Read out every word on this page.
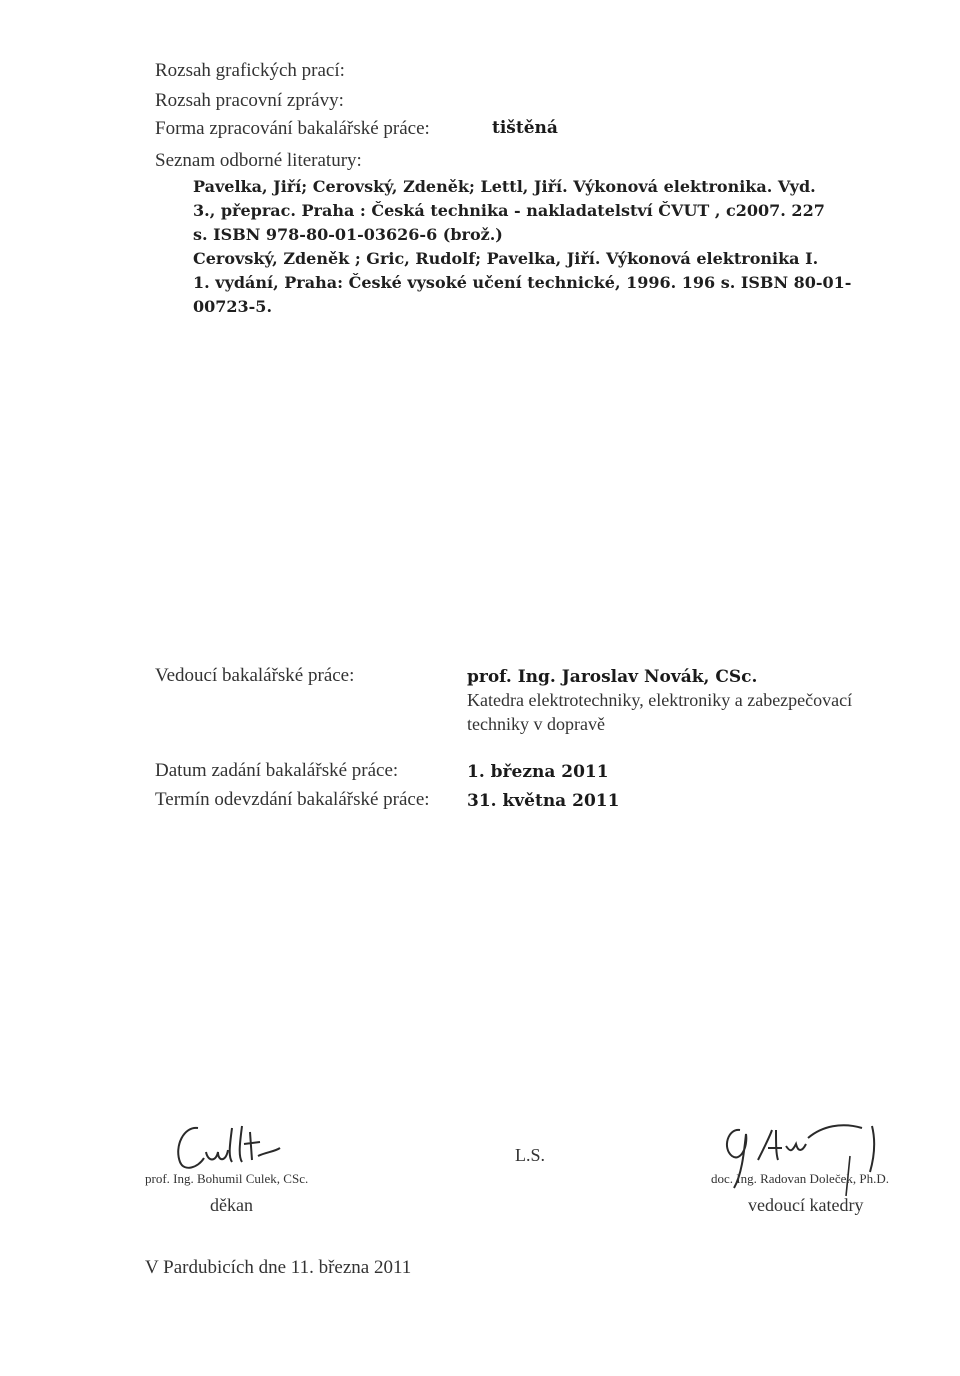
Rozsah grafických prací:
Rozsah pracovní zprávy:
Forma zpracování bakalářské práce:	tištěná
Seznam odborné literatury:
Pavelka, Jiří; Cerovský, Zdeněk; Lettl, Jiří. Výkonová elektronika. Vyd.
3., přeprac. Praha : Česká technika - nakladatelství ČVUT , c2007. 227
s. ISBN 978-80-01-03626-6 (brož.)
Cerovský, Zdeněk ; Gric, Rudolf; Pavelka, Jiří. Výkonová elektronika I.
1. vydání, Praha: České vysoké učení technické, 1996. 196 s. ISBN 80-01-
00723-5.
Vedoucí bakalářské práce:	prof. Ing. Jaroslav Novák, CSc.
Katedra elektrotechniky, elektroniky a zabezpečovací
techniky v dopravě
Datum zadání bakalářské práce:	1. března 2011
Termín odevzdání bakalářské práce: 31. května 2011
prof. Ing. Bohumil Culek, CSc.
děkan
L.S.
doc. Ing. Radovan Doleček, Ph.D.
vedoucí katedry
V Pardubicích dne 11. března 2011
